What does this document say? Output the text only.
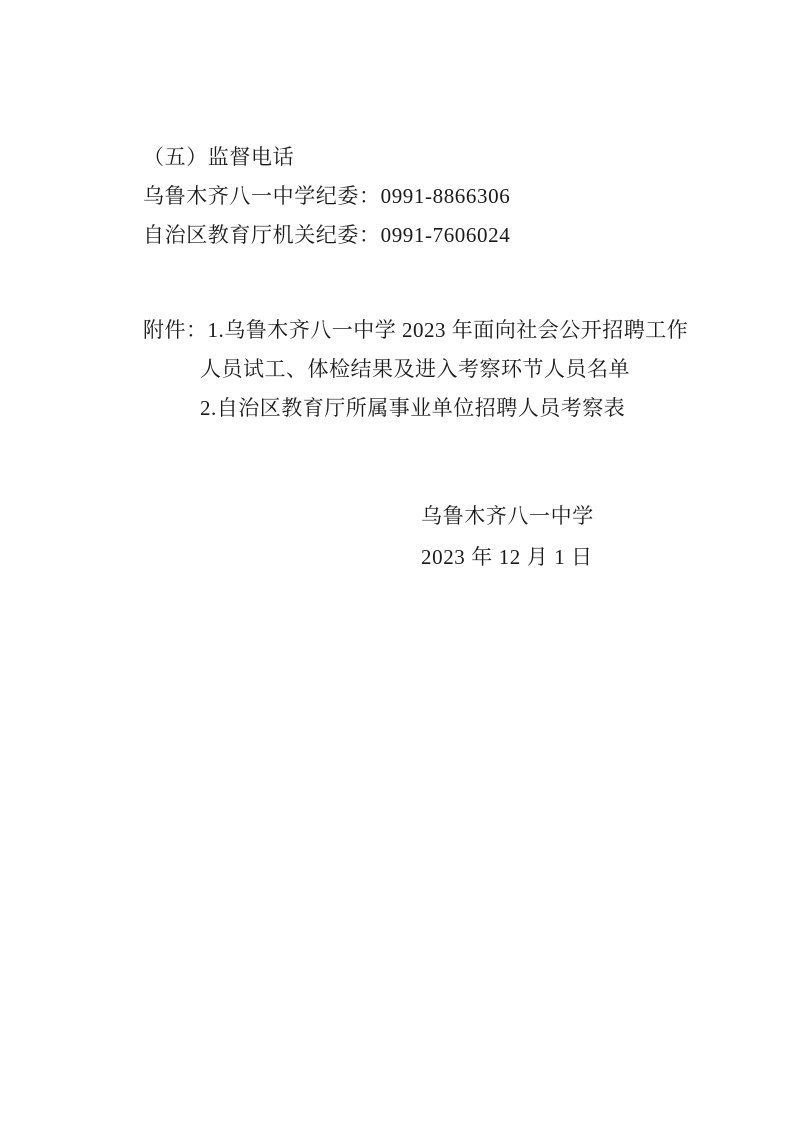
（五）监督电话
乌鲁木齐八一中学纪委：0991-8866306
自治区教育厅机关纪委：0991-7606024
附件：1.乌鲁木齐八一中学 2023 年面向社会公开招聘工作
人员试工、体检结果及进入考察环节人员名单
2.自治区教育厅所属事业单位招聘人员考察表
乌鲁木齐八一中学
2023 年 12 月 1 日
